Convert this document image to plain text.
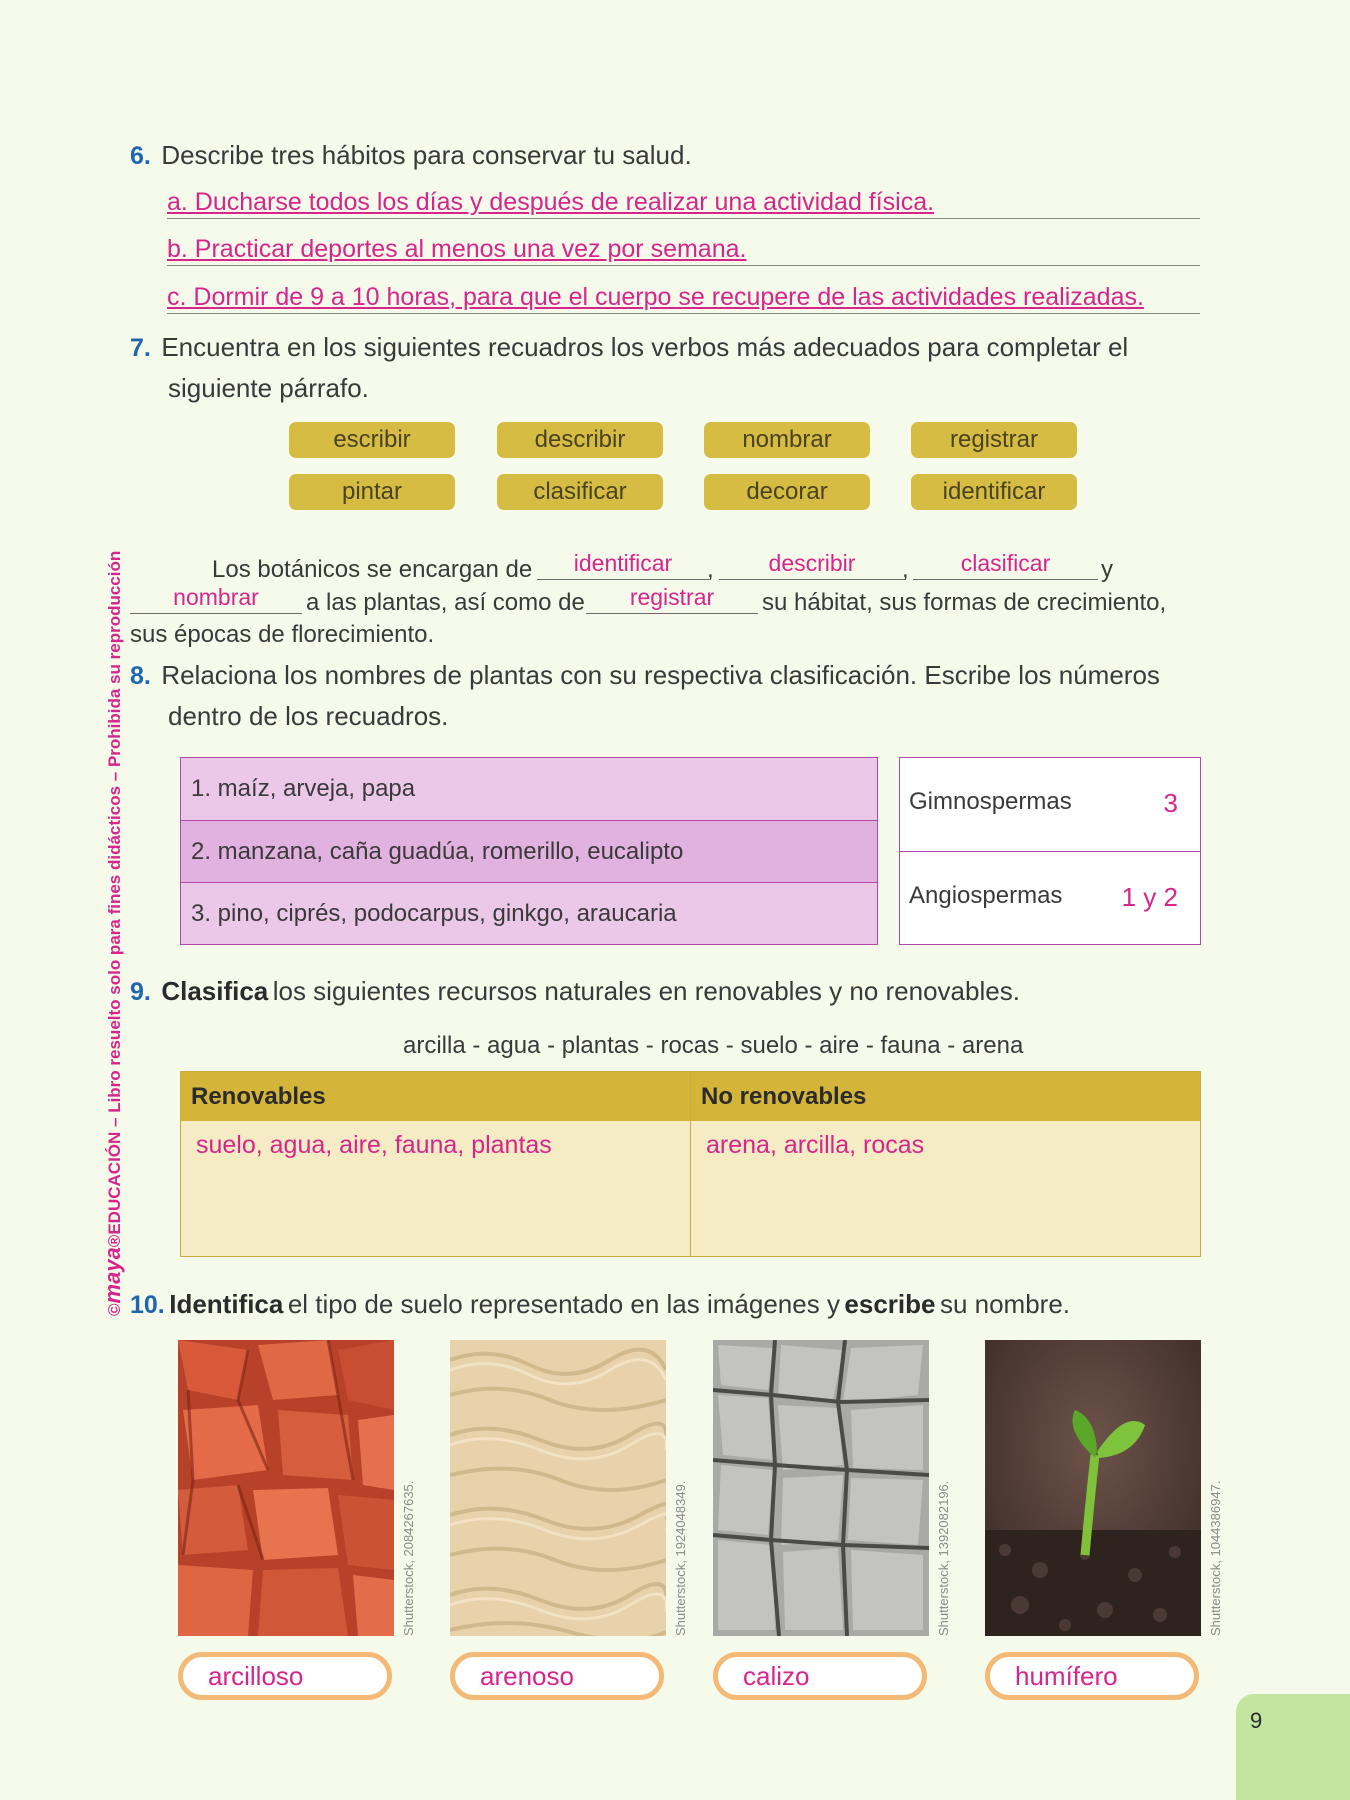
©maya®EDUCACIÓN – Libro resuelto solo para fines didácticos – Prohibida su reproducción
6. Describe tres hábitos para conservar tu salud.
a. Ducharse todos los días y después de realizar una actividad física.
b. Practicar deportes al menos una vez por semana.
c. Dormir de 9 a 10 horas, para que el cuerpo se recupere de las actividades realizadas.
7. Encuentra en los siguientes recuadros los verbos más adecuados para completar el
siguiente párrafo.
escribir	describir	nombrar	registrar
pintar	clasificar	decorar	identificar
Los botánicos se encargan de	identificar	,	describir	,	clasificar	y
nombrar	a las plantas, así como de	registrar	su hábitat, sus formas de crecimiento,
sus épocas de florecimiento.
8. Relaciona los nombres de plantas con su respectiva clasificación. Escribe los números
dentro de los recuadros.
1. maíz, arveja, papa
2. manzana, caña guadúa, romerillo, eucalipto
3. pino, ciprés, podocarpus, ginkgo, araucaria
Gimnospermas	3
Angiospermas 1 y 2
9. Clasifica los siguientes recursos naturales en renovables y no renovables.
arcilla - agua - plantas - rocas - suelo - aire - fauna - arena
Renovables	No renovables
suelo, agua, aire, fauna, plantas	arena, arcilla, rocas
10. Identifica el tipo de suelo representado en las imágenes y escribe su nombre.
Shutterstock, 2084267635.	Shutterstock, 1924048349.	Shutterstock, 1392082196.	Shutterstock, 1044386947.
arcilloso	arenoso	calizo	humífero
9
